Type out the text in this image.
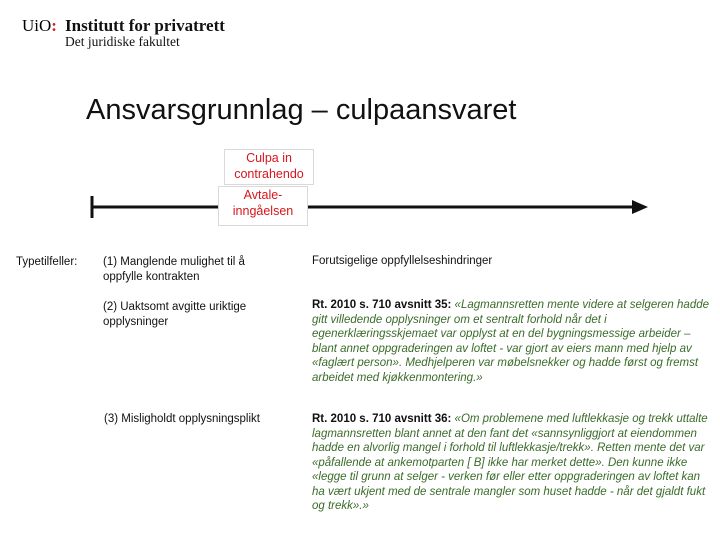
UiO: Institutt for privatrett
Det juridiske fakultet
Ansvarsgrunnlag – culpaansvaret
Culpa in contrahendo
Avtale-inngåelsen
Typetilfeller: (1) Manglende mulighet til å oppfylle kontrakten
(2) Uaktsomt avgitte uriktige opplysninger
(3) Misligholdt opplysningsplikt
Forutsigelige oppfyllelseshindringer
Rt. 2010 s. 710 avsnitt 35: «Lagmannsretten mente videre at selgeren hadde gitt villedende opplysninger om et sentralt forhold når det i egenerklæringsskjemaet var opplyst at en del bygningsmessige arbeider – blant annet oppgraderingen av loftet - var gjort av eiers mann med hjelp av «faglært person». Medhjelperen var møbelsnekker og hadde først og fremst arbeidet med kjøkkenmontering.»
Rt. 2010 s. 710 avsnitt 36: «Om problemene med luftlekkasje og trekk uttalte lagmannsretten blant annet at den fant det «sannsynliggjort at eiendommen hadde en alvorlig mangel i forhold til luftlekkasje/trekk». Retten mente det var «påfallende at ankemotparten [ B] ikke har merket dette». Den kunne ikke «legge til grunn at selger - verken før eller etter oppgraderingen av loftet kan ha vært ukjent med de sentrale mangler som huset hadde - når det gjaldt fukt og trekk».»
